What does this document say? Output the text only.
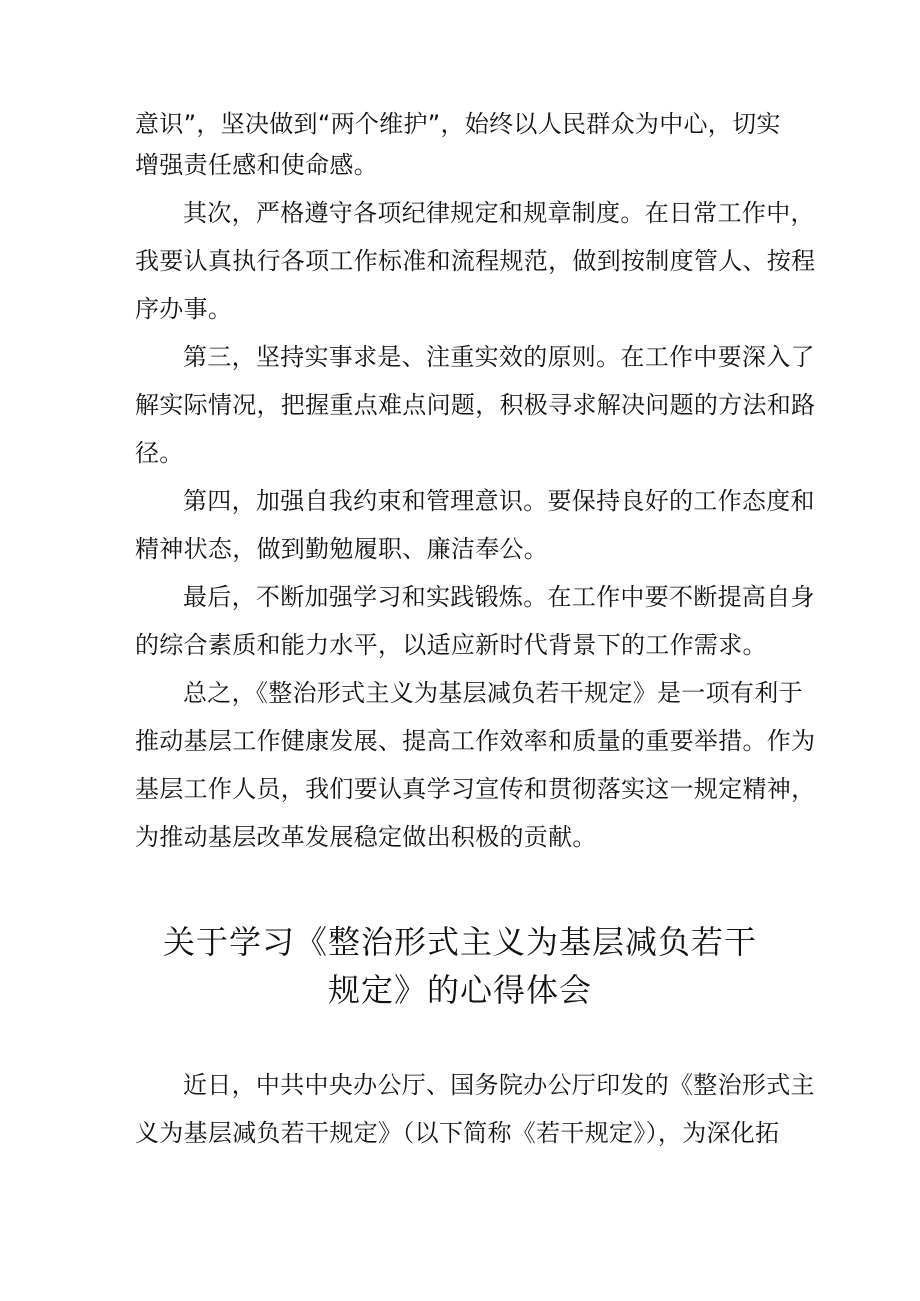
意识”，坚决做到“两个维护”，始终以人民群众为中心，切实
增强责任感和使命感。
其次，严格遵守各项纪律规定和规章制度。在日常工作中，
我要认真执行各项工作标准和流程规范，做到按制度管人、按程
序办事。
第三，坚持实事求是、注重实效的原则。在工作中要深入了
解实际情况，把握重点难点问题，积极寻求解决问题的方法和路
径。
第四，加强自我约束和管理意识。要保持良好的工作态度和
精神状态，做到勤勉履职、廉洁奉公。
最后，不断加强学习和实践锻炼。在工作中要不断提高自身
的综合素质和能力水平，以适应新时代背景下的工作需求。
总之，《整治形式主义为基层减负若干规定》是一项有利于
推动基层工作健康发展、提高工作效率和质量的重要举措。作为
基层工作人员，我们要认真学习宣传和贯彻落实这一规定精神，
为推动基层改革发展稳定做出积极的贡献。
关于学习《整治形式主义为基层减负若干
规定》的心得体会
近日，中共中央办公厅、国务院办公厅印发的《整治形式主
义为基层减负若干规定》（以下简称《若干规定》），为深化拓
